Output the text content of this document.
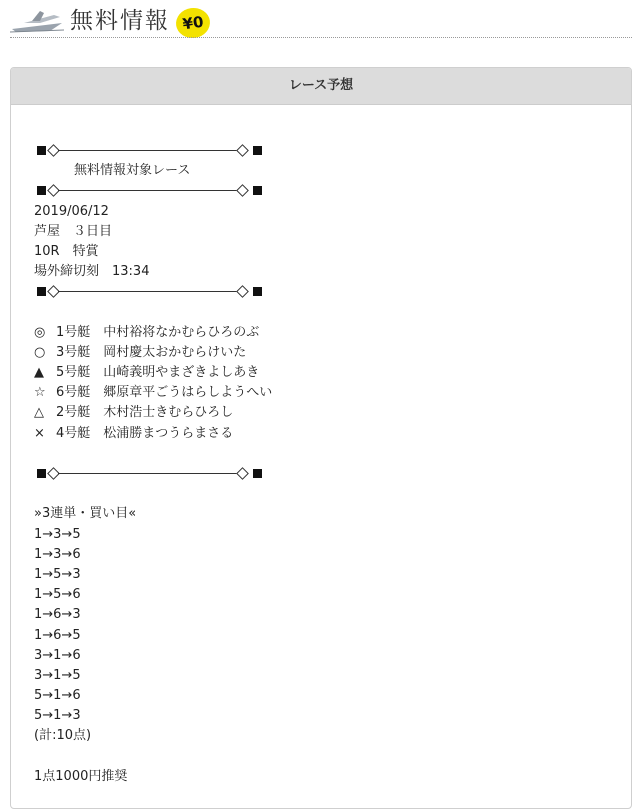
無料情報 ¥0
レース予想
無料情報対象レース
2019/06/12
芦屋　３日目
10R　特賞
場外締切刻　13:34
◎ 1号艇　中村裕将なかむらひろのぶ
○ 3号艇　岡村慶太おかむらけいた
▲ 5号艇　山崎義明やまざきよしあき
☆ 6号艇　郷原章平ごうはらしようへい
△ 2号艇　木村浩士きむらひろし
× 4号艇　松浦勝まつうらまさる
»3連単・買い目«
1→3→5
1→3→6
1→5→3
1→5→6
1→6→3
1→6→5
3→1→6
3→1→5
5→1→6
5→1→3
(計:10点)
1点1000円推奨
